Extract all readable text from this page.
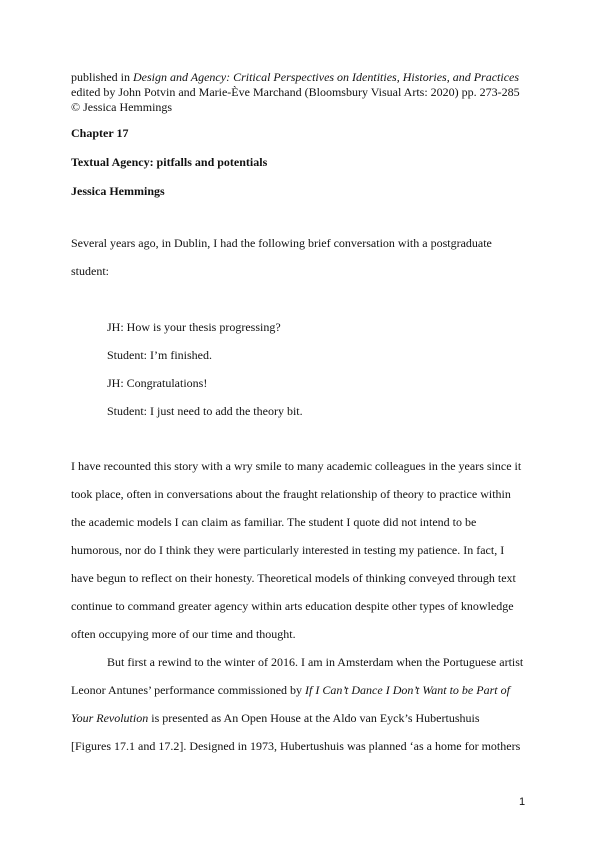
published in Design and Agency: Critical Perspectives on Identities, Histories, and Practices
edited by John Potvin and Marie-Ève Marchand (Bloomsbury Visual Arts: 2020) pp. 273-285
© Jessica Hemmings
Chapter 17
Textual Agency: pitfalls and potentials
Jessica Hemmings
Several years ago, in Dublin, I had the following brief conversation with a postgraduate
student:
JH: How is your thesis progressing?
Student: I’m finished.
JH: Congratulations!
Student: I just need to add the theory bit.
I have recounted this story with a wry smile to many academic colleagues in the years since it
took place, often in conversations about the fraught relationship of theory to practice within
the academic models I can claim as familiar. The student I quote did not intend to be
humorous, nor do I think they were particularly interested in testing my patience. In fact, I
have begun to reflect on their honesty. Theoretical models of thinking conveyed through text
continue to command greater agency within arts education despite other types of knowledge
often occupying more of our time and thought.
But first a rewind to the winter of 2016. I am in Amsterdam when the Portuguese artist
Leonor Antunes’ performance commissioned by If I Can’t Dance I Don’t Want to be Part of
Your Revolution is presented as An Open House at the Aldo van Eyck’s Hubertushuis
[Figures 17.1 and 17.2]. Designed in 1973, Hubertushuis was planned ‘as a home for mothers
1
